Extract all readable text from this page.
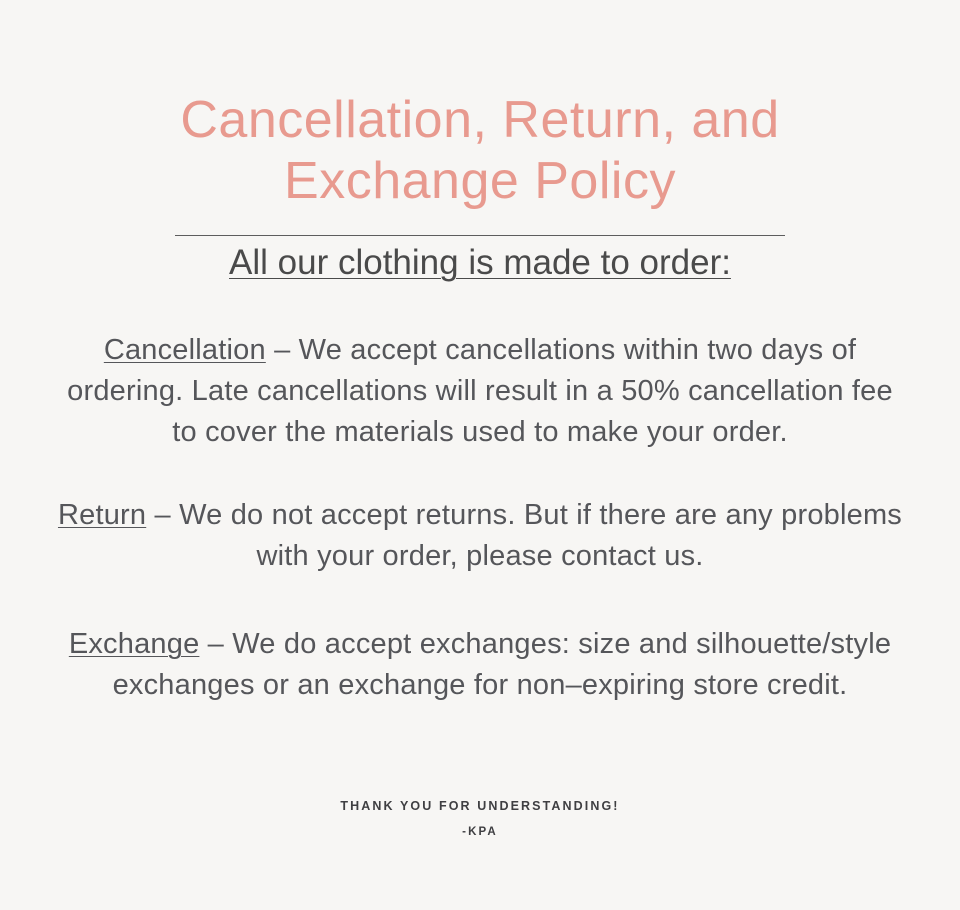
Cancellation, Return, and Exchange Policy
All our clothing is made to order:

Cancellation – We accept cancellations within two days of ordering. Late cancellations will result in a 50% cancellation fee to cover the materials used to make your order.

Return – We do not accept returns. But if there are any problems with your order, please contact us.

Exchange – We do accept exchanges: size and silhouette/style exchanges or an exchange for non–expiring store credit.

THANK YOU FOR UNDERSTANDING!

-KPA
